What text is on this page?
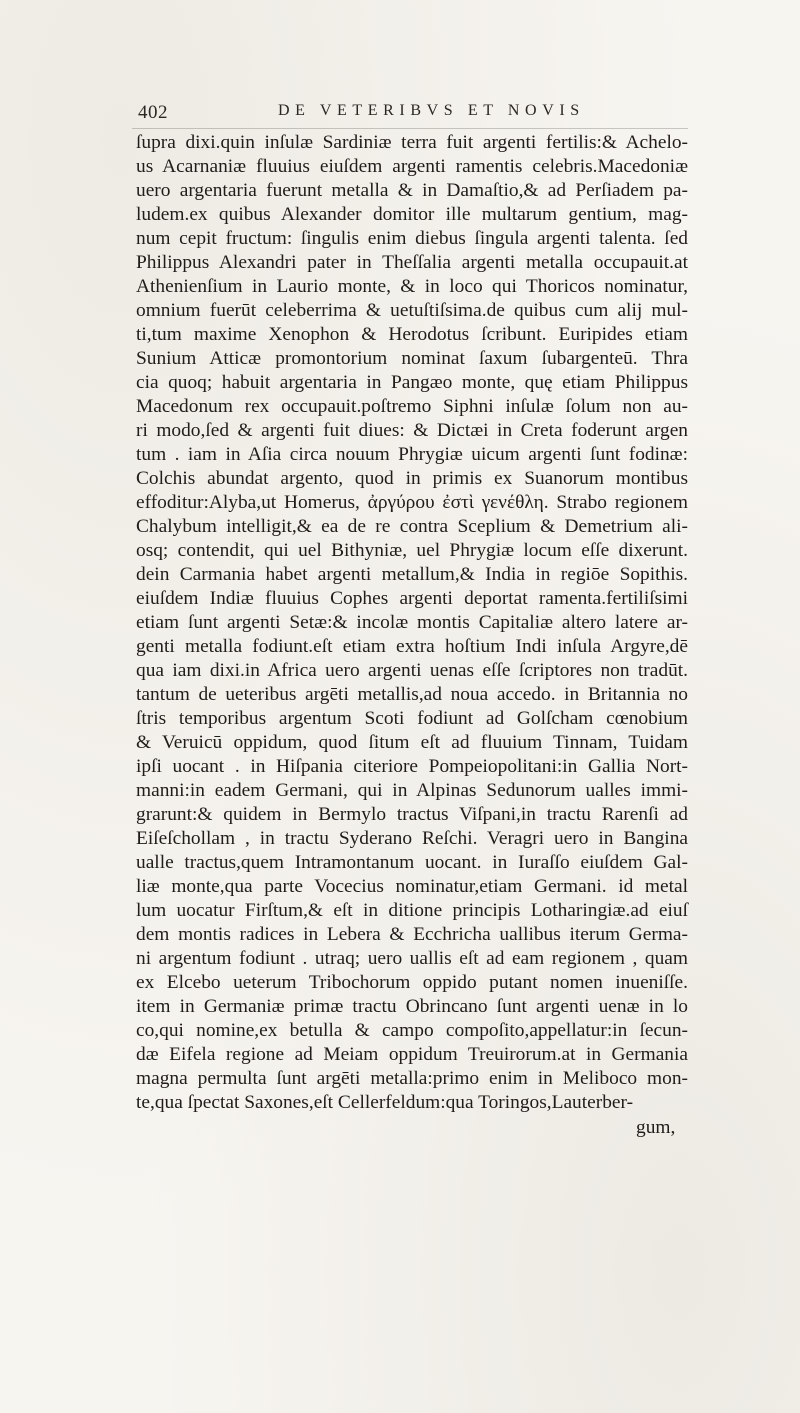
402	DE VETERIBVS ET NOVIS
ſupra dixi.quin inſulæ Sardiniæ terra fuit argenti fertilis:& Achelo-
us Acarnaniæ fluuius eiuſdem argenti ramentis celebris.Macedoniæ
uero argentaria fuerunt metalla & in Damaſtio,& ad Perſiadem pa-
ludem.ex quibus Alexander domitor ille multarum gentium, mag-
num cepit fructum: ſingulis enim diebus ſingula argenti talenta. ſed
Philippus Alexandri pater in Theſſalia argenti metalla occupauit.at
Athenienſium in Laurio monte, & in loco qui Thoricos nominatur,
omnium fuerūt celeberrima & uetuſtiſsima.de quibus cum alij mul-
ti,tum maxime Xenophon & Herodotus ſcribunt. Euripides etiam
Sunium Atticæ promontorium nominat ſaxum ſubargenteū. Thra
cia quoq; habuit argentaria in Pangæo monte, quę etiam Philippus
Macedonum rex occupauit.poſtremo Siphni inſulæ ſolum non au-
ri modo,ſed & argenti fuit diues: & Dictæi in Creta foderunt argen
tum . iam in Aſia circa nouum Phrygiæ uicum argenti ſunt fodinæ:
Colchis abundat argento, quod in primis ex Suanorum montibus
effoditur:Alyba,ut Homerus, ἀργύρου ἐστὶ γενέθλη. Strabo regionem
Chalybum intelligit,& ea de re contra Sceplium & Demetrium ali-
osq; contendit, qui uel Bithyniæ, uel Phrygiæ locum eſſe dixerunt.
dein Carmania habet argenti metallum,& India in regiōe Sopithis.
eiuſdem Indiæ fluuius Cophes argenti deportat ramenta.fertiliſsimi
etiam ſunt argenti Setæ:& incolæ montis Capitaliæ altero latere ar-
genti metalla fodiunt.eſt etiam extra hoſtium Indi inſula Argyre,dē
qua iam dixi.in Africa uero argenti uenas eſſe ſcriptores non tradūt.
tantum de ueteribus argēti metallis,ad noua accedo. in Britannia no
ſtris temporibus argentum Scoti fodiunt ad Golſcham cœnobium
& Veruicū oppidum, quod ſitum eſt ad fluuium Tinnam, Tuidam
ipſi uocant . in Hiſpania citeriore Pompeiopolitani:in Gallia Nort-
manni:in eadem Germani, qui in Alpinas Sedunorum ualles immi-
grarunt:& quidem in Bermylo tractus Viſpani,in tractu Rarenſi ad
Eiſeſchollam , in tractu Syderano Reſchi. Veragri uero in Bangina
ualle tractus,quem Intramontanum uocant. in Iuraſſo eiuſdem Gal-
liæ monte,qua parte Vocecius nominatur,etiam Germani. id metal
lum uocatur Firſtum,& eſt in ditione principis Lotharingiæ.ad eiuſ
dem montis radices in Lebera & Ecchricha uallibus iterum Germa-
ni argentum fodiunt . utraq; uero uallis eſt ad eam regionem , quam
ex Elcebo ueterum Tribochorum oppido putant nomen inueniſſe.
item in Germaniæ primæ tractu Obrincano ſunt argenti uenæ in lo
co,qui nomine,ex betulla & campo compoſito,appellatur:in ſecun-
dæ Eifela regione ad Meiam oppidum Treuirorum.at in Germania
magna permulta ſunt argēti metalla:primo enim in Meliboco mon-
te,qua ſpectat Saxones,eſt Cellerfeldum:qua Toringos,Lauterber-
gum,
